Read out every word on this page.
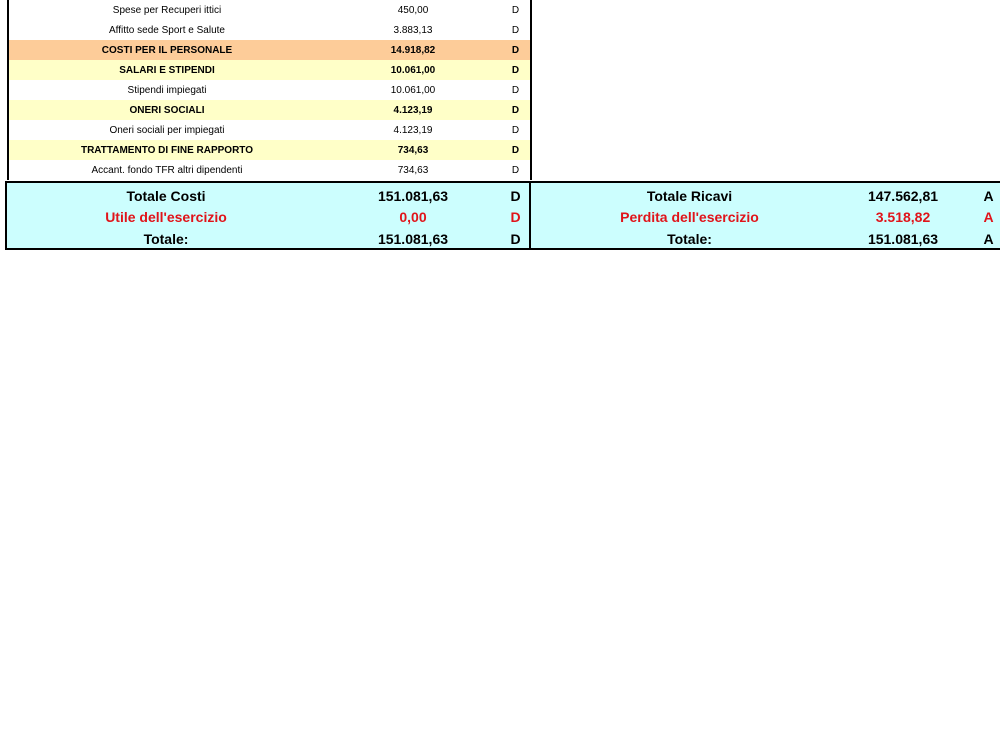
Spese per Recuperi ittici	450,00	D
Affitto sede Sport e Salute	3.883,13	D
COSTI PER IL PERSONALE	14.918,82	D
SALARI E STIPENDI	10.061,00	D
Stipendi impiegati	10.061,00	D
ONERI SOCIALI	4.123,19	D
Oneri sociali per impiegati	4.123,19	D
TRATTAMENTO DI FINE RAPPORTO	734,63	D
Accant. fondo TFR altri dipendenti	734,63	D
Totale Costi	151.081,63	D	Totale Ricavi	147.562,81	A
Utile dell'esercizio	0,00	D	Perdita dell'esercizio	3.518,82	A
Totale:	151.081,63	D	Totale:	151.081,63	A
